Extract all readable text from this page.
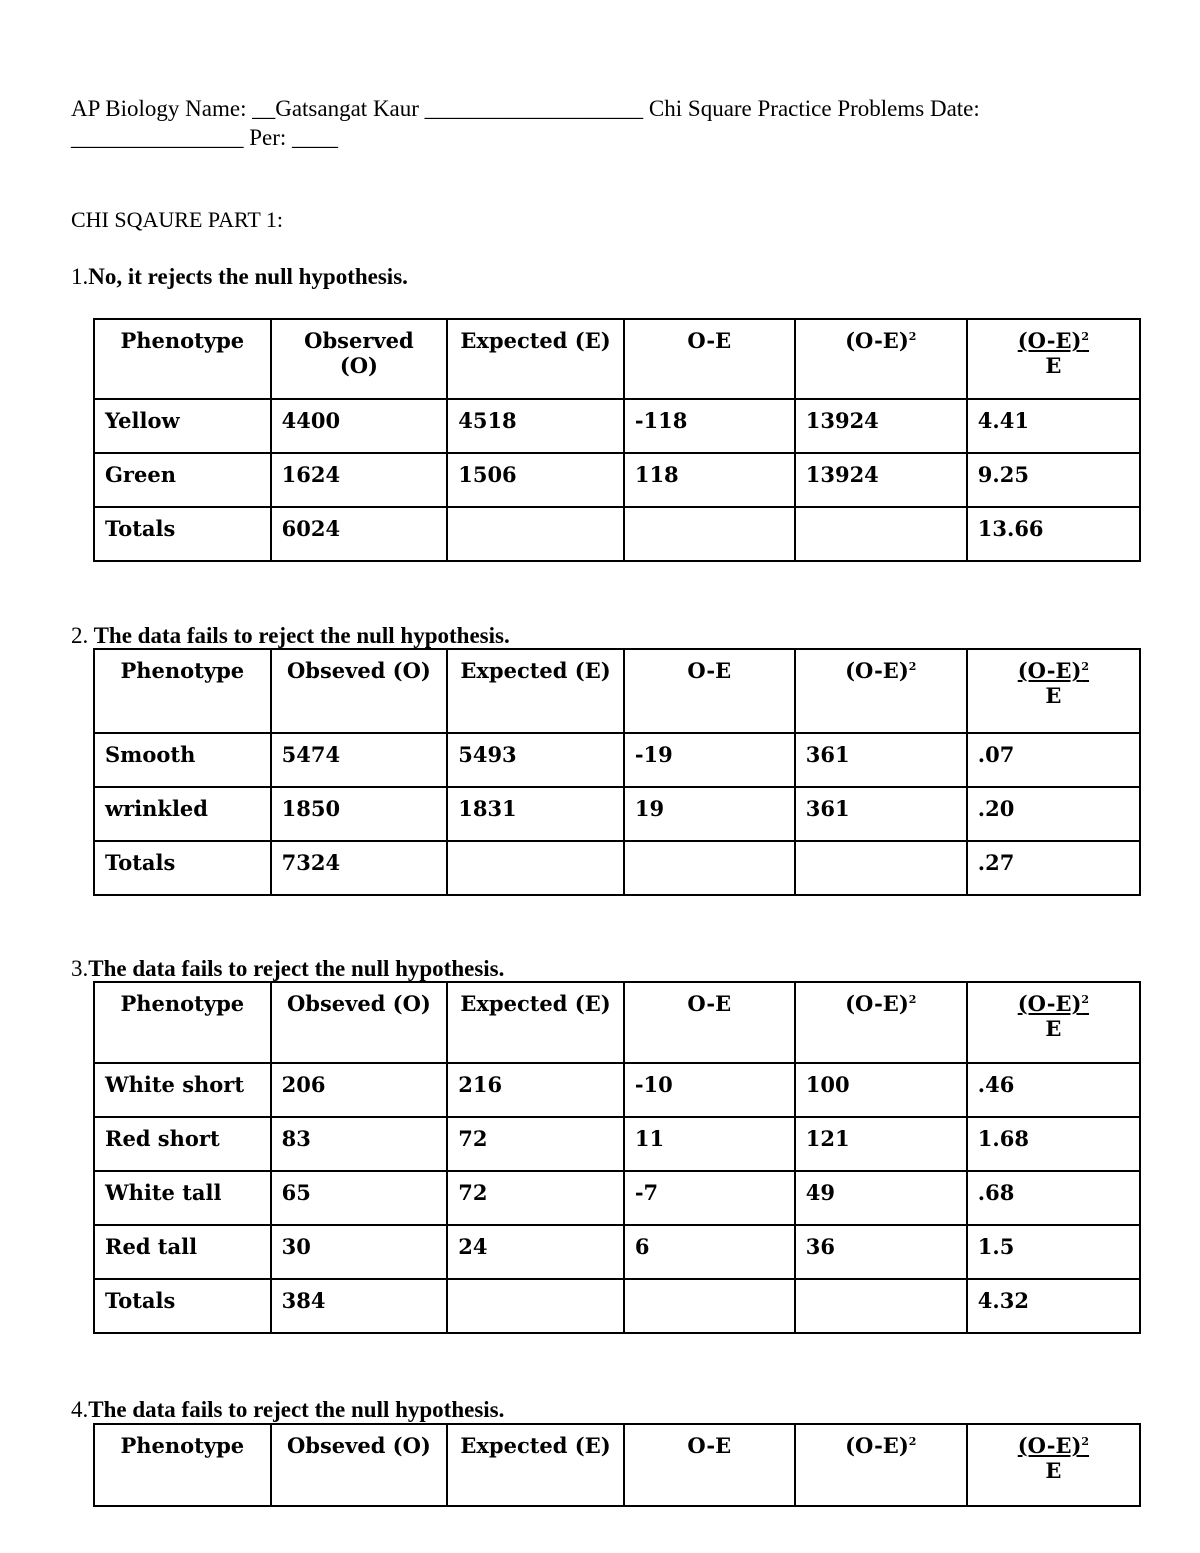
AP Biology Name: __Gatsangat Kaur ___________________ Chi Square Practice Problems Date:
_______________ Per: ____
CHI SQAURE PART 1:
1.No, it rejects the null hypothesis.
Phenotype	Observed (O)	Expected (E)	O-E	$(O-E)^2$	$(O-E)^2$
E

Yellow	4400	4518	-118	13924	4.41
Green	1624	1506	118	13924	9.25
Totals	6024				13.66
2. The data fails to reject the null hypothesis.
Phenotype	Obseved (O)	Expected (E)	O-E	$(O-E)^2$	$(O-E)^2$
E

Smooth	5474	5493	-19	361	.07
wrinkled	1850	1831	19	361	.20
Totals	7324				.27
3.The data fails to reject the null hypothesis.
Phenotype	Obseved (O)	Expected (E)	O-E	$(O-E)^2$	$(O-E)^2$
E

White short	206	216	-10	100	.46
Red short	83	72	11	121	1.68
White tall	65	72	-7	49	.68
Red tall	30	24	6	36	1.5
Totals	384				4.32
4.The data fails to reject the null hypothesis.
Phenotype	Obseved (O)	Expected (E)	O-E	$(O-E)^2$	$(O-E)^2$
E
